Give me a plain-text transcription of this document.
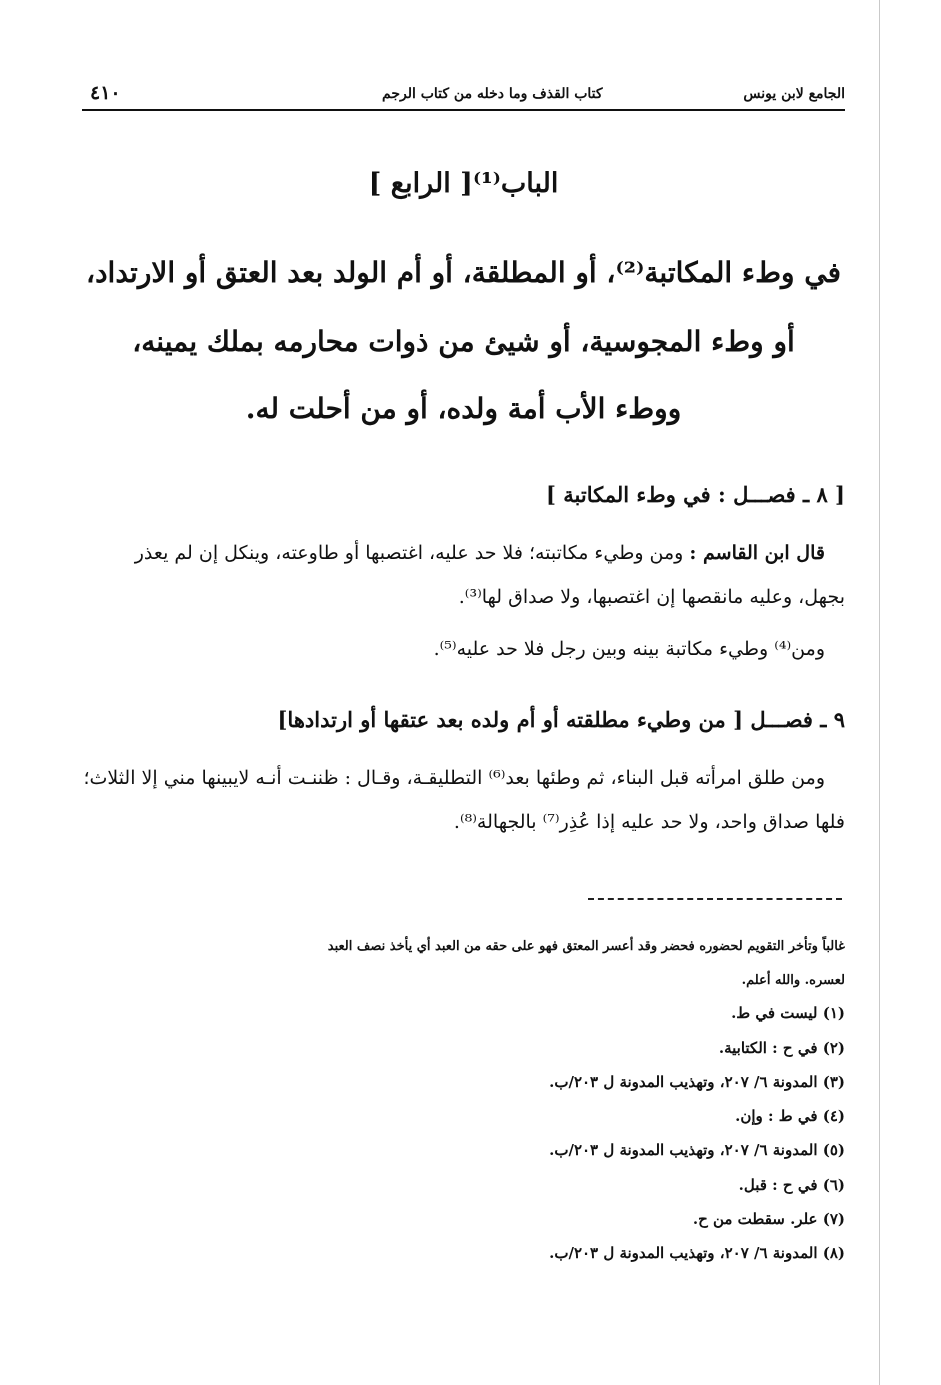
الجامع لابن يونس
كتاب القذف وما دخله من كتاب الرجم
٤١٠
الباب⁽¹⁾[ الرابع ]
في وطء المكاتبة⁽²⁾، أو المطلقة، أو أم الولد بعد العتق أو الارتداد،
أو وطء المجوسية، أو شيئ من ذوات محارمه بملك يمينه،
ووطء الأب أمة ولده، أو من أحلت له.
[ ٨ ـ فصـــل : في وطء المكاتبة ]
قال ابن القاسم : ومن وطيء مكاتبته؛ فلا حد عليه، اغتصبها أو طاوعته، وينكل إن لم يعذر بجهل، وعليه مانقصها إن اغتصبها، ولا صداق لها⁽³⁾.
ومن⁽⁴⁾ وطيء مكاتبة بينه وبين رجل فلا حد عليه⁽⁵⁾.
٩ ـ فصـــل [ من وطيء مطلقته أو أم ولده بعد عتقها أو ارتدادها]
ومن طلق امرأته قبل البناء، ثم وطئها بعد⁽⁶⁾ التطليقـة، وقـال : ظننـت أنـه لايبينها مني إلا الثلاث؛ فلها صداق واحد، ولا حد عليه إذا عُذِر⁽⁷⁾ بالجهالة⁽⁸⁾.
غالباً وتأخر التقويم لحضوره فحضر وقد أعسر المعتق فهو على حقه من العبد أي يأخذ نصف العبد
لعسره. والله أعلم.
(١) ليست في ط.
(٢) في ح : الكتابية.
(٣) المدونة ٦/ ٢٠٧، وتهذيب المدونة ل ٢٠٣/ب.
(٤) في ط : وإن.
(٥) المدونة ٦/ ٢٠٧، وتهذيب المدونة ل ٢٠٣/ب.
(٦) في ح : قبل.
(٧) علر. سقطت من ح.
(٨) المدونة ٦/ ٢٠٧، وتهذيب المدونة ل ٢٠٣/ب.
